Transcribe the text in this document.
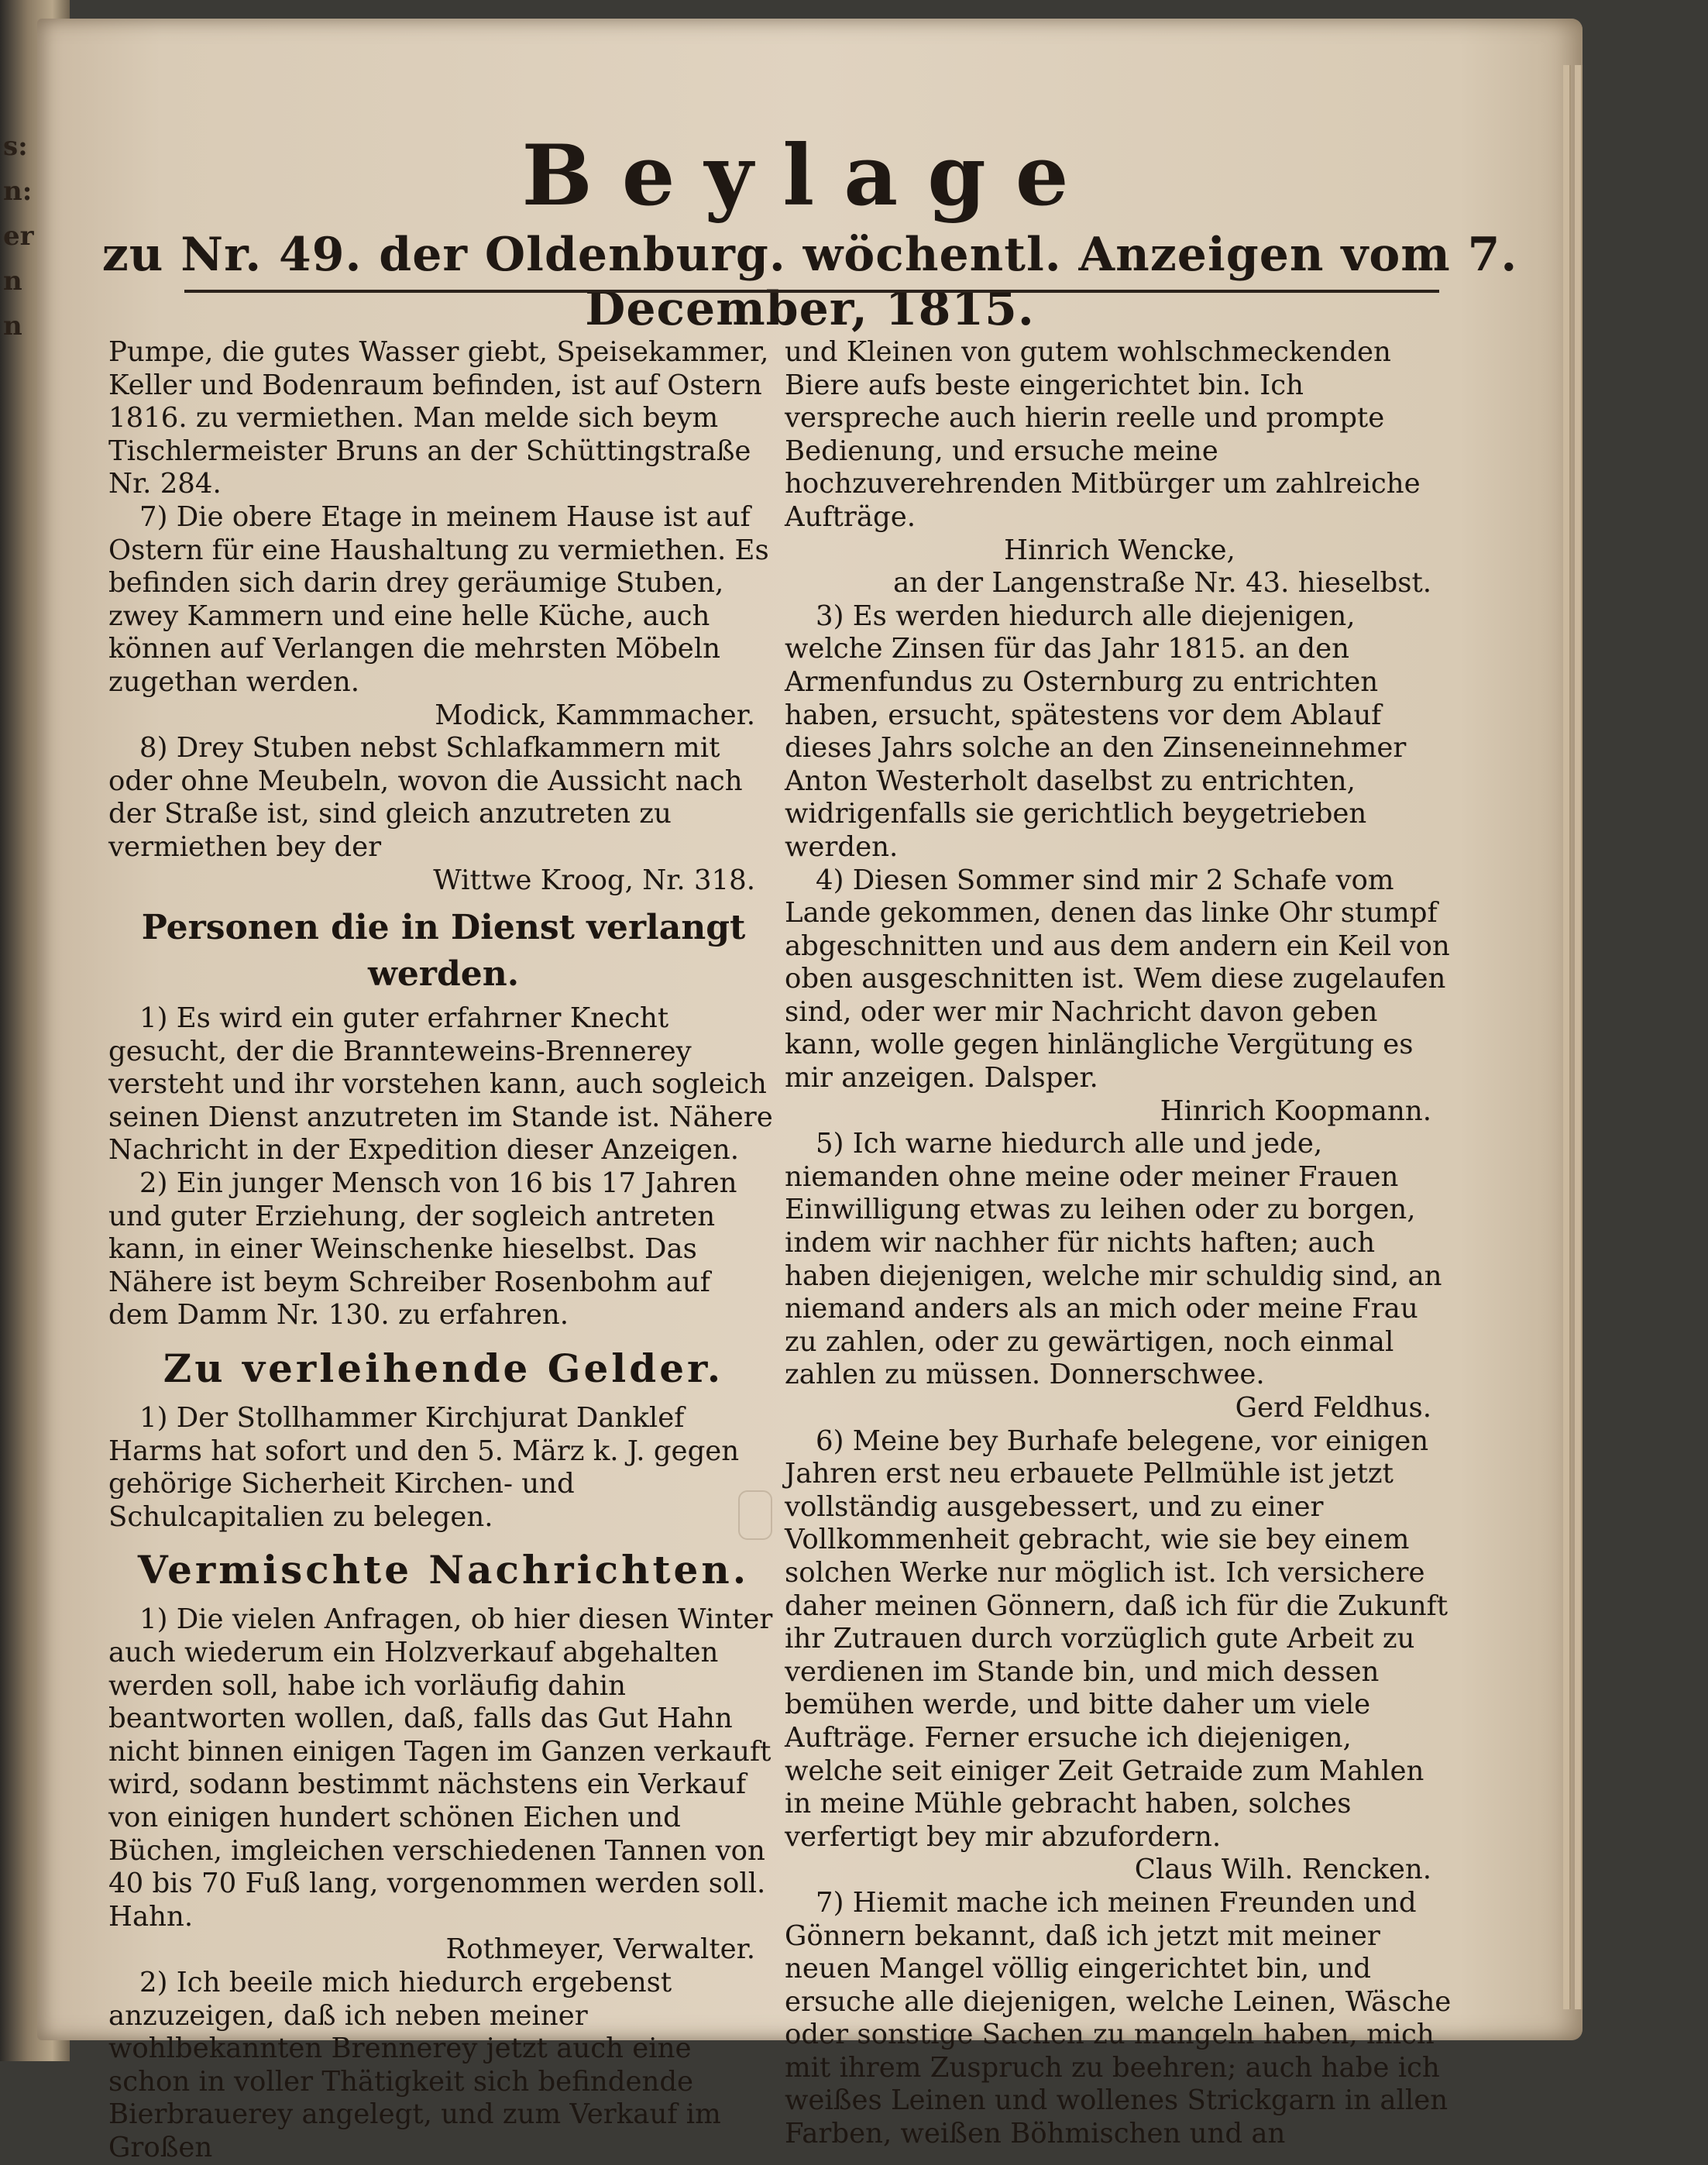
s:
n:
er
n
n
Beylage
zu Nr. 49. der Oldenburg. wöchentl. Anzeigen vom 7. December, 1815.

Pumpe, die gutes Wasser giebt, Speisekammer, Keller und Bodenraum befinden, ist auf Ostern 1816. zu vermiethen. Man melde sich beym Tischlermeister Bruns an der Schüttingstraße Nr. 284.

7) Die obere Etage in meinem Hause ist auf Ostern für eine Haushaltung zu vermiethen. Es befinden sich darin drey geräumige Stuben, zwey Kammern und eine helle Küche, auch können auf Verlangen die mehrsten Möbeln zugethan werden.

Modick, Kammmacher.

8) Drey Stuben nebst Schlafkammern mit oder ohne Meubeln, wovon die Aussicht nach der Straße ist, sind gleich anzutreten zu vermiethen bey der

Wittwe Kroog, Nr. 318.

Personen die in Dienst verlangt werden.

1) Es wird ein guter erfahrner Knecht gesucht, der die Brannteweins-Brennerey versteht und ihr vorstehen kann, auch sogleich seinen Dienst anzutreten im Stande ist. Nähere Nachricht in der Expedition dieser Anzeigen.

2) Ein junger Mensch von 16 bis 17 Jahren und guter Erziehung, der sogleich antreten kann, in einer Weinschenke hieselbst. Das Nähere ist beym Schreiber Rosenbohm auf dem Damm Nr. 130. zu erfahren.

Zu verleihende Gelder.

1) Der Stollhammer Kirchjurat Danklef Harms hat sofort und den 5. März k. J. gegen gehörige Sicherheit Kirchen- und Schulcapitalien zu belegen.

Vermischte Nachrichten.

1) Die vielen Anfragen, ob hier diesen Winter auch wiederum ein Holzverkauf abgehalten werden soll, habe ich vorläufig dahin beantworten wollen, daß, falls das Gut Hahn nicht binnen einigen Tagen im Ganzen verkauft wird, sodann bestimmt nächstens ein Verkauf von einigen hundert schönen Eichen und Büchen, imgleichen verschiedenen Tannen von 40 bis 70 Fuß lang, vorgenommen werden soll. Hahn.

Rothmeyer, Verwalter.

2) Ich beeile mich hiedurch ergebenst anzuzeigen, daß ich neben meiner wohlbekannten Brennerey jetzt auch eine schon in voller Thätigkeit sich befindende Bierbrauerey angelegt, und zum Verkauf im Großen

und Kleinen von gutem wohlschmeckenden Biere aufs beste eingerichtet bin. Ich verspreche auch hierin reelle und prompte Bedienung, und ersuche meine hochzuverehrenden Mitbürger um zahlreiche Aufträge.

Hinrich Wencke,

an der Langenstraße Nr. 43. hieselbst.

3) Es werden hiedurch alle diejenigen, welche Zinsen für das Jahr 1815. an den Armenfundus zu Osternburg zu entrichten haben, ersucht, spätestens vor dem Ablauf dieses Jahrs solche an den Zinseneinnehmer Anton Westerholt daselbst zu entrichten, widrigenfalls sie gerichtlich beygetrieben werden.

4) Diesen Sommer sind mir 2 Schafe vom Lande gekommen, denen das linke Ohr stumpf abgeschnitten und aus dem andern ein Keil von oben ausgeschnitten ist. Wem diese zugelaufen sind, oder wer mir Nachricht davon geben kann, wolle gegen hinlängliche Vergütung es mir anzeigen. Dalsper.

Hinrich Koopmann.

5) Ich warne hiedurch alle und jede, niemanden ohne meine oder meiner Frauen Einwilligung etwas zu leihen oder zu borgen, indem wir nachher für nichts haften; auch haben diejenigen, welche mir schuldig sind, an niemand anders als an mich oder meine Frau zu zahlen, oder zu gewärtigen, noch einmal zahlen zu müssen. Donnerschwee.

Gerd Feldhus.

6) Meine bey Burhafe belegene, vor einigen Jahren erst neu erbauete Pellmühle ist jetzt vollständig ausgebessert, und zu einer Vollkommenheit gebracht, wie sie bey einem solchen Werke nur möglich ist. Ich versichere daher meinen Gönnern, daß ich für die Zukunft ihr Zutrauen durch vorzüglich gute Arbeit zu verdienen im Stande bin, und mich dessen bemühen werde, und bitte daher um viele Aufträge. Ferner ersuche ich diejenigen, welche seit einiger Zeit Getraide zum Mahlen in meine Mühle gebracht haben, solches verfertigt bey mir abzufordern.

Claus Wilh. Rencken.

7) Hiemit mache ich meinen Freunden und Gönnern bekannt, daß ich jetzt mit meiner neuen Mangel völlig eingerichtet bin, und ersuche alle diejenigen, welche Leinen, Wäsche oder sonstige Sachen zu mangeln haben, mich mit ihrem Zuspruch zu beehren; auch habe ich weißes Leinen und wollenes Strickgarn in allen Farben, weißen Böhmischen und an
